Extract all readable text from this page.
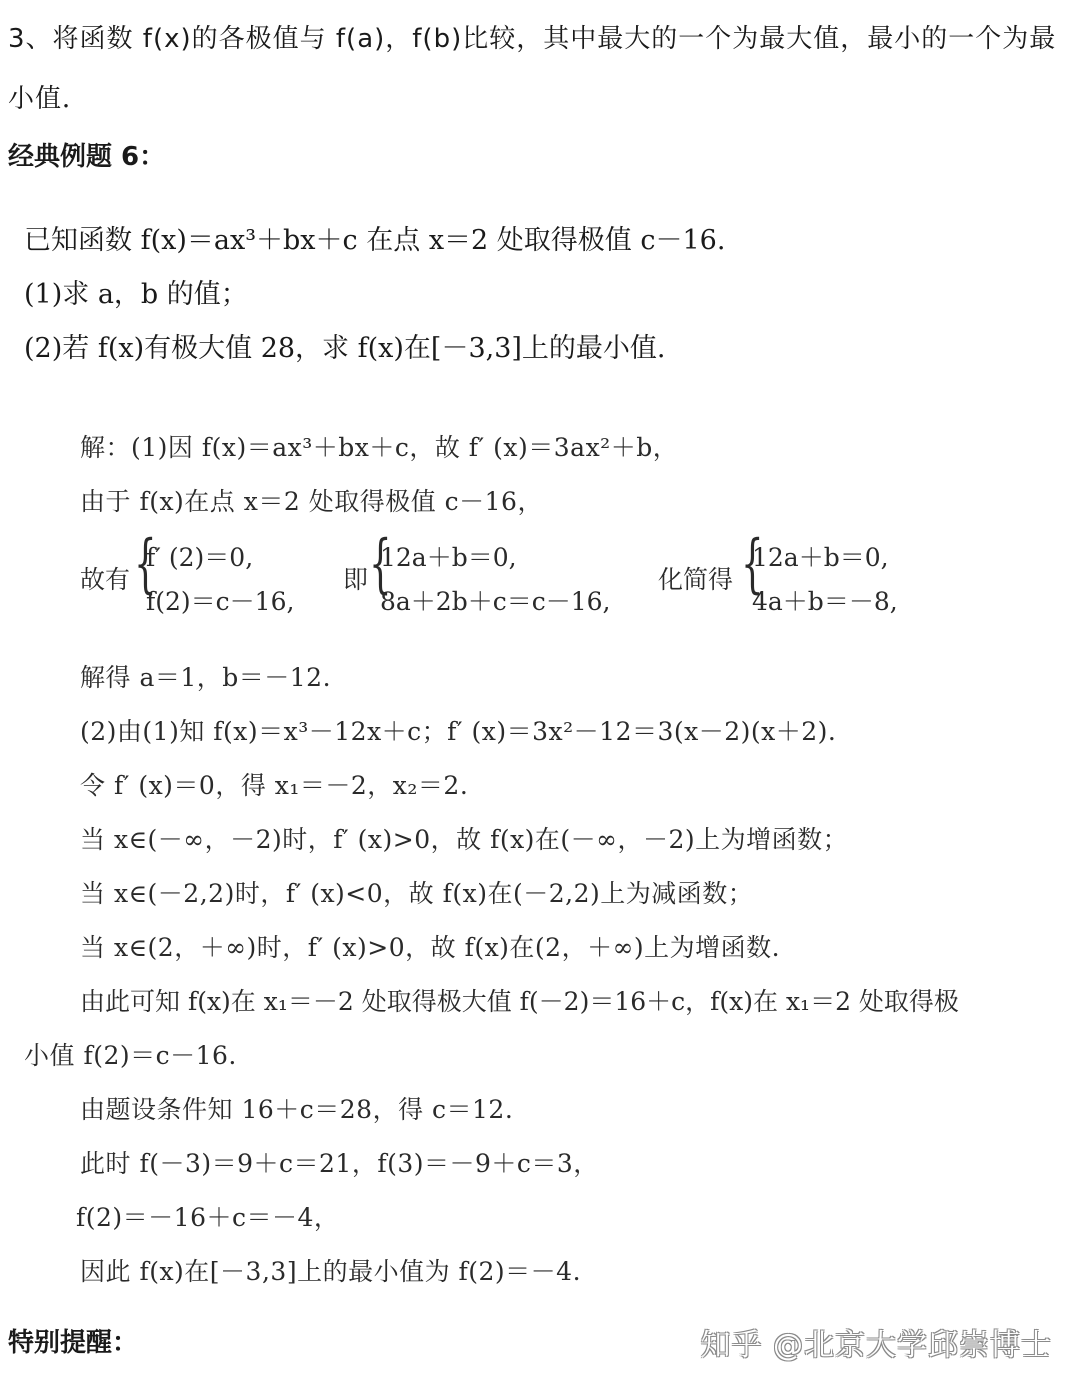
3、将函数 f(x)的各极值与 f(a)，f(b)比较，其中最大的一个为最大值，最小的一个为最
小值．
经典例题 6：
已知函数 f(x)＝ax³＋bx＋c 在点 x＝2 处取得极值 c－16.
(1)求 a，b 的值；
(2)若 f(x)有极大值 28，求 f(x)在[－3,3]上的最小值.
解：(1)因 f(x)＝ax³＋bx＋c，故 f′ (x)＝3ax²＋b，
由于 f(x)在点 x＝2 处取得极值 c－16，
故有 {
f′ (2)＝0,
f(2)＝c－16,
即 {
12a＋b＝0,
8a＋2b＋c＝c－16,
化简得 {
12a＋b＝0,
4a＋b＝－8,
解得 a＝1，b＝－12.
(2)由(1)知 f(x)＝x³－12x＋c；f′ (x)＝3x²－12＝3(x－2)(x＋2).
令 f′ (x)＝0，得 x₁＝－2，x₂＝2.
当 x∈(－∞，－2)时，f′ (x)>0，故 f(x)在(－∞，－2)上为增函数；
当 x∈(－2,2)时，f′ (x)<0，故 f(x)在(－2,2)上为减函数；
当 x∈(2，＋∞)时，f′ (x)>0，故 f(x)在(2，＋∞)上为增函数.
由此可知 f(x)在 x₁＝－2 处取得极大值 f(－2)＝16＋c，f(x)在 x₁＝2 处取得极
小值 f(2)＝c－16.
由题设条件知 16＋c＝28，得 c＝12.
此时 f(－3)＝9＋c＝21，f(3)＝－9＋c＝3，
f(2)＝－16＋c＝－4，
因此 f(x)在[－3,3]上的最小值为 f(2)＝－4.
特别提醒：	知乎 @北京大学邱崇博士
